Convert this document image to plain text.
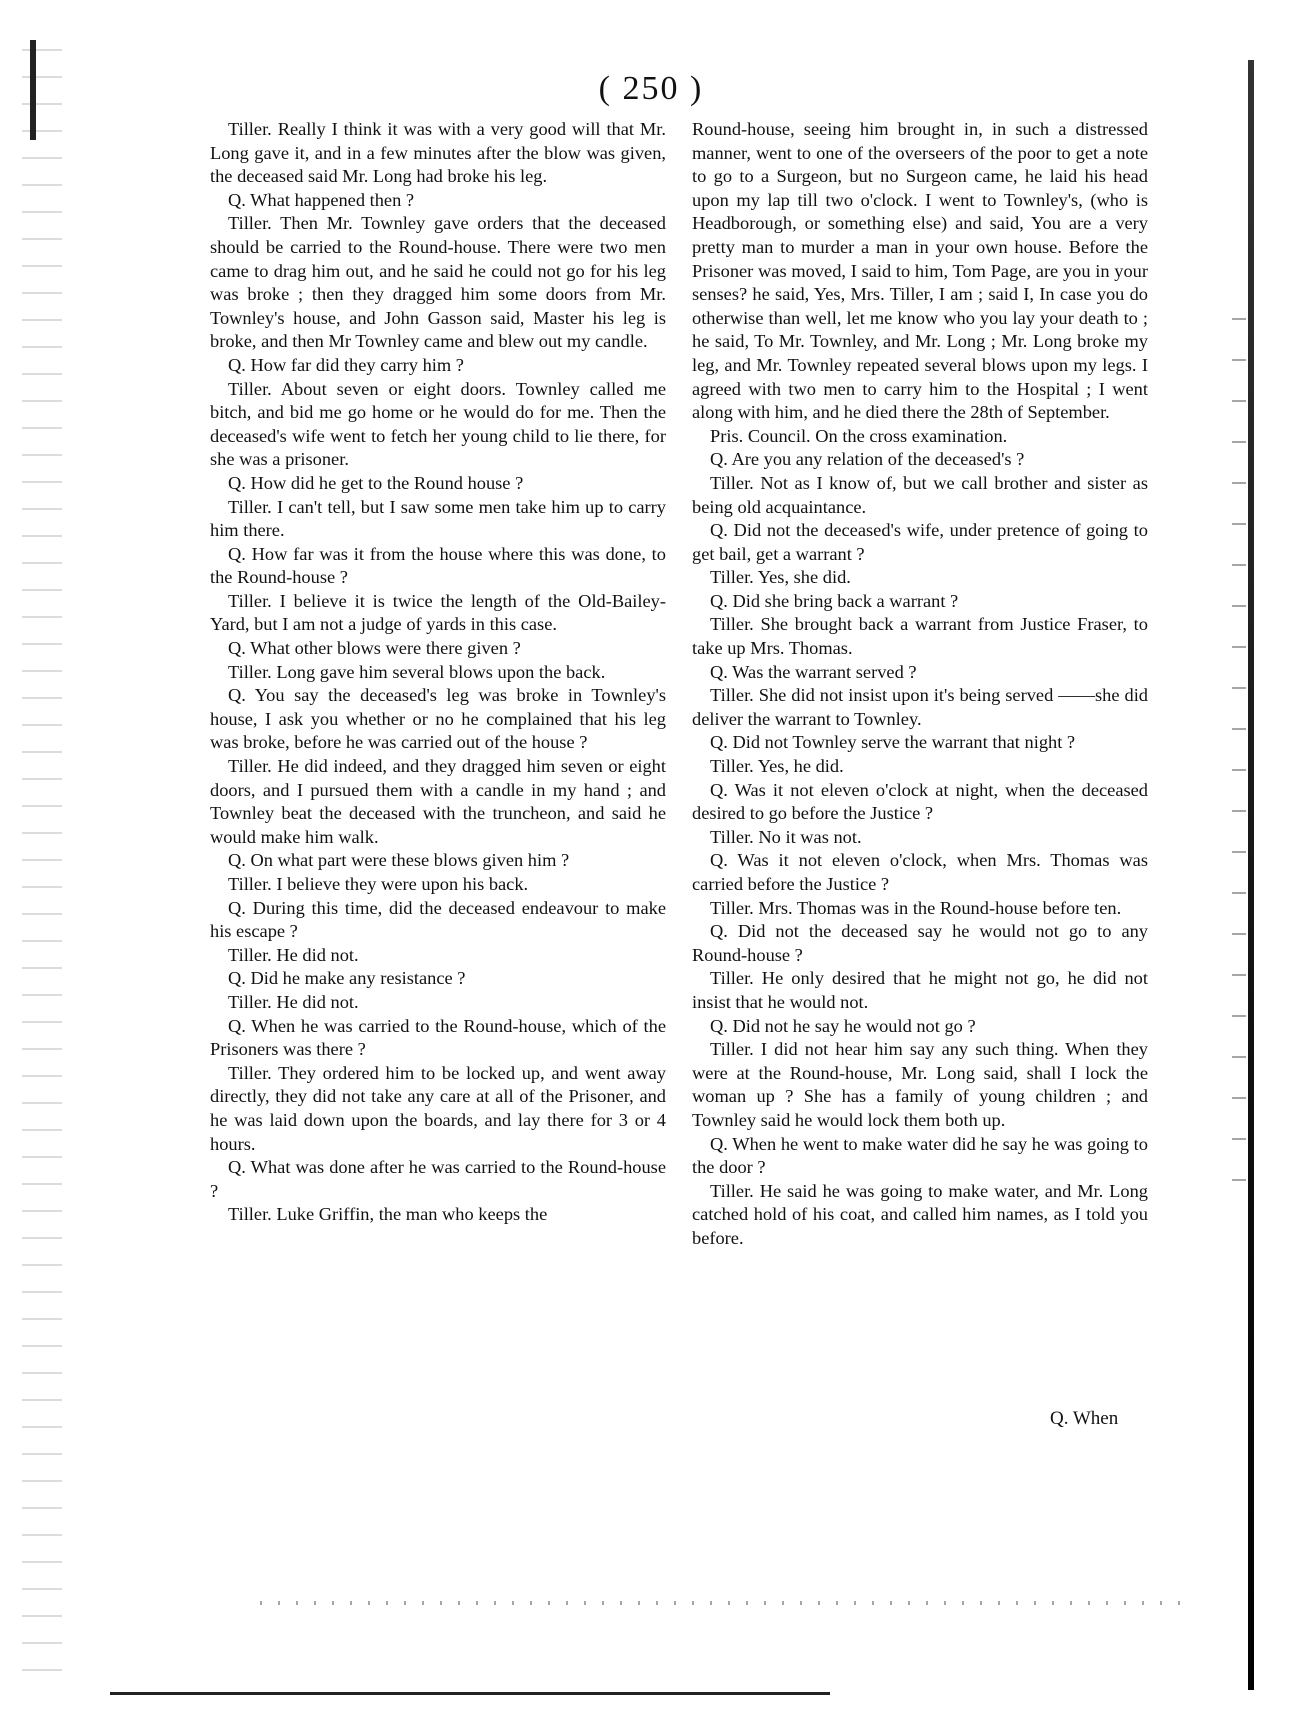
( 250 )

Tiller. Really I think it was with a very good will that Mr. Long gave it, and in a few minutes after the blow was given, the deceased said Mr. Long had broke his leg.

Q. What happened then ?

Tiller. Then Mr. Townley gave orders that the deceased should be carried to the Round-house. There were two men came to drag him out, and he said he could not go for his leg was broke ; then they dragged him some doors from Mr. Townley's house, and John Gasson said, Master his leg is broke, and then Mr Townley came and blew out my candle.

Q. How far did they carry him ?

Tiller. About seven or eight doors. Townley called me bitch, and bid me go home or he would do for me. Then the deceased's wife went to fetch her young child to lie there, for she was a prisoner.

Q. How did he get to the Round house ?

Tiller. I can't tell, but I saw some men take him up to carry him there.

Q. How far was it from the house where this was done, to the Round-house ?

Tiller. I believe it is twice the length of the Old-Bailey-Yard, but I am not a judge of yards in this case.

Q. What other blows were there given ?

Tiller. Long gave him several blows upon the back.

Q. You say the deceased's leg was broke in Townley's house, I ask you whether or no he complained that his leg was broke, before he was carried out of the house ?

Tiller. He did indeed, and they dragged him seven or eight doors, and I pursued them with a candle in my hand ; and Townley beat the deceased with the truncheon, and said he would make him walk.

Q. On what part were these blows given him ?

Tiller. I believe they were upon his back.

Q. During this time, did the deceased endeavour to make his escape ?

Tiller. He did not.

Q. Did he make any resistance ?

Tiller. He did not.

Q. When he was carried to the Round-house, which of the Prisoners was there ?

Tiller. They ordered him to be locked up, and went away directly, they did not take any care at all of the Prisoner, and he was laid down upon the boards, and lay there for 3 or 4 hours.

Q. What was done after he was carried to the Round-house ?

Tiller. Luke Griffin, the man who keeps the

Round-house, seeing him brought in, in such a distressed manner, went to one of the overseers of the poor to get a note to go to a Surgeon, but no Surgeon came, he laid his head upon my lap till two o'clock. I went to Townley's, (who is Headborough, or something else) and said, You are a very pretty man to murder a man in your own house. Before the Prisoner was moved, I said to him, Tom Page, are you in your senses? he said, Yes, Mrs. Tiller, I am ; said I, In case you do otherwise than well, let me know who you lay your death to ; he said, To Mr. Townley, and Mr. Long ; Mr. Long broke my leg, and Mr. Townley repeated several blows upon my legs. I agreed with two men to carry him to the Hospital ; I went along with him, and he died there the 28th of September.

Pris. Council. On the cross examination.

Q. Are you any relation of the deceased's ?

Tiller. Not as I know of, but we call brother and sister as being old acquaintance.

Q. Did not the deceased's wife, under pretence of going to get bail, get a warrant ?

Tiller. Yes, she did.

Q. Did she bring back a warrant ?

Tiller. She brought back a warrant from Justice Fraser, to take up Mrs. Thomas.

Q. Was the warrant served ?

Tiller. She did not insist upon it's being served ——she did deliver the warrant to Townley.

Q. Did not Townley serve the warrant that night ?

Tiller. Yes, he did.

Q. Was it not eleven o'clock at night, when the deceased desired to go before the Justice ?

Tiller. No it was not.

Q. Was it not eleven o'clock, when Mrs. Thomas was carried before the Justice ?

Tiller. Mrs. Thomas was in the Round-house before ten.

Q. Did not the deceased say he would not go to any Round-house ?

Tiller. He only desired that he might not go, he did not insist that he would not.

Q. Did not he say he would not go ?

Tiller. I did not hear him say any such thing. When they were at the Round-house, Mr. Long said, shall I lock the woman up ? She has a family of young children ; and Townley said he would lock them both up.

Q. When he went to make water did he say he was going to the door ?

Tiller. He said he was going to make water, and Mr. Long catched hold of his coat, and called him names, as I told you before.

Q. When
